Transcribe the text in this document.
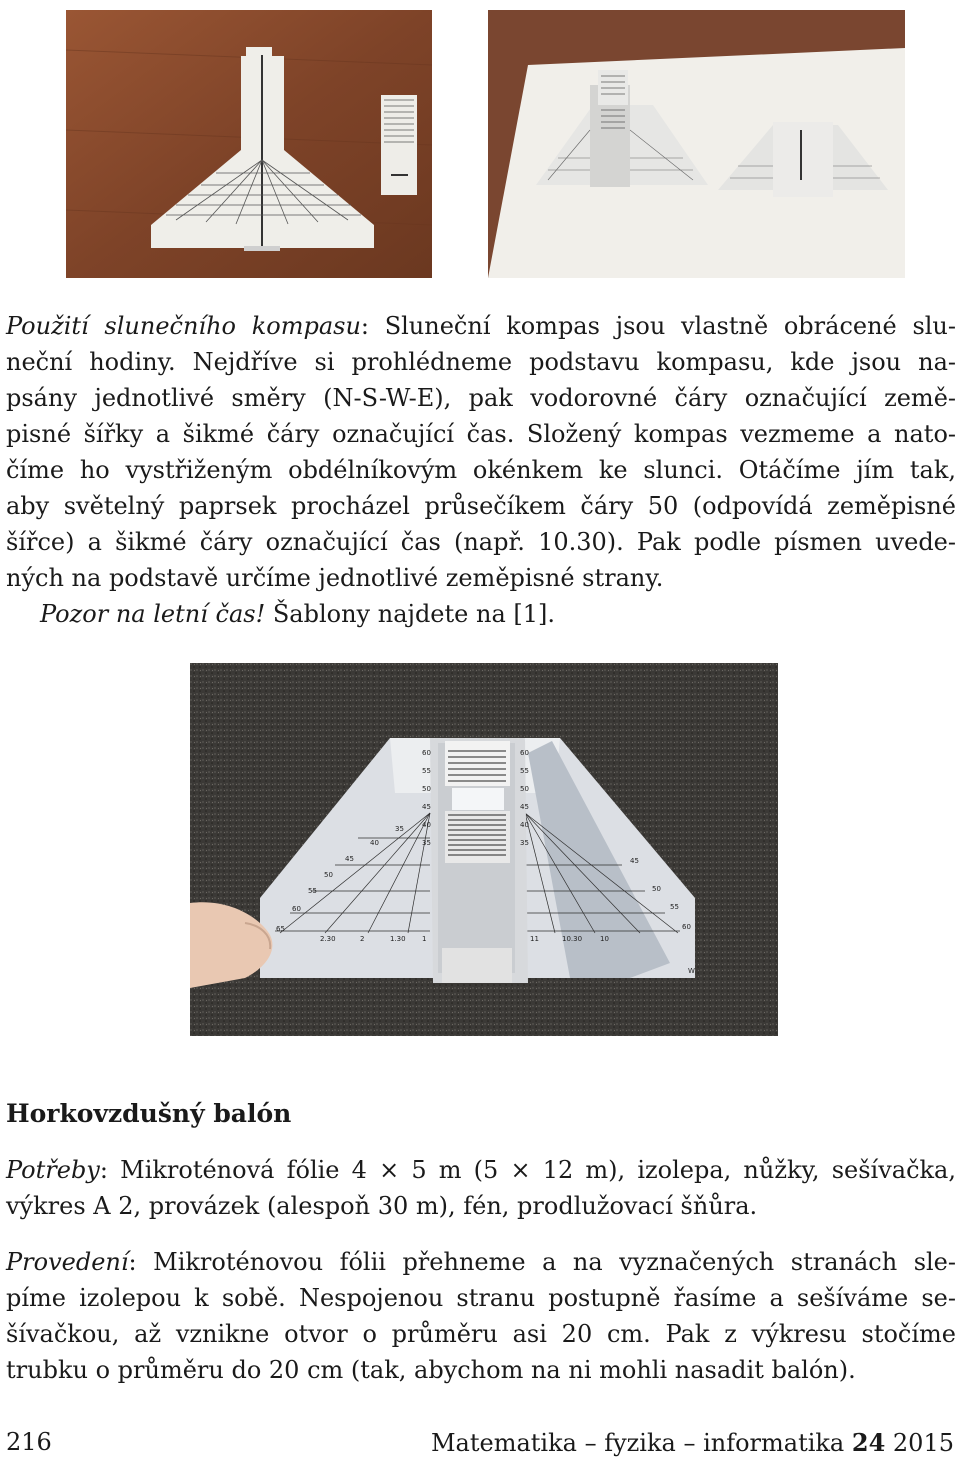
Použití slunečního kompasu: Sluneční kompas jsou vlastně obrácené slu-
neční hodiny. Nejdříve si prohlédneme podstavu kompasu, kde jsou na-
psány jednotlivé směry (N-S-W-E), pak vodorovné čáry označující země-
pisné šířky a šikmé čáry označující čas. Složený kompas vezmeme a nato-
číme ho vystřiženým obdélníkovým okénkem ke slunci. Otáčíme jím tak,
aby světelný paprsek procházel průsečíkem čáry 50 (odpovídá zeměpisné
šířce) a šikmé čáry označující čas (např. 10.30). Pak podle písmen uvede-
ných na podstavě určíme jednotlivé zeměpisné strany.
Pozor na letní čas! Šablony najdete na [1].
60
55
50
45
40
35
60
55
50
45
40
35
35
40
45
50
55
60
65
45
50
55
60
2.30	2	1.30 1	11	10.30	10
W
Horkovzdušný balón
Potřeby: Mikroténová fólie 4 × 5 m (5 × 12 m), izolepa, nůžky, sešívačka,
výkres A 2, provázek (alespoň 30 m), fén, prodlužovací šňůra.
Provedení: Mikroténovou fólii přehneme a na vyznačených stranách sle-
píme izolepou k sobě. Nespojenou stranu postupně řasíme a sešíváme se-
šívačkou, až vznikne otvor o průměru asi 20 cm. Pak z výkresu stočíme
trubku o průměru do 20 cm (tak, abychom na ni mohli nasadit balón).
216	Matematika – fyzika – informatika 24 2015
